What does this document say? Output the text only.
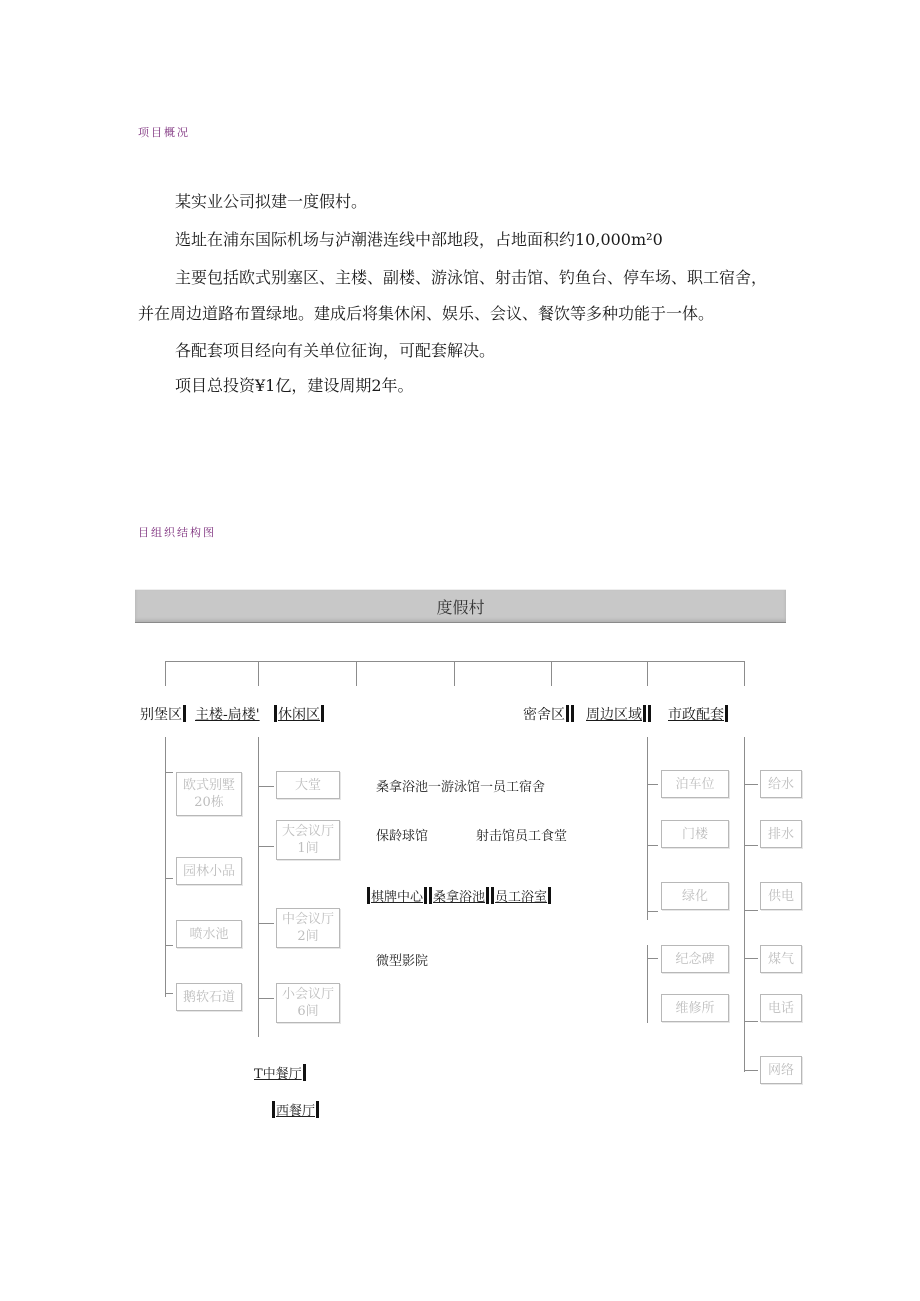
项目概况
某实业公司拟建一度假村。
选址在浦东国际机场与泸潮港连线中部地段，占地面积约10,000m²0
主要包括欧式别塞区、主楼、副楼、游泳馆、射击馆、钓鱼台、停车场、职工宿舍，
并在周边道路布置绿地。建成后将集休闲、娱乐、会议、餐饮等多种功能于一体。
各配套项目经向有关单位征询，可配套解决。
项目总投资¥1亿，建设周期2年。
目组织结构图
度假村
别堡区 主楼-扃楼'	休闲区	密舍区	周边区域	市政配套
欧式别墅
20栋
园林小品
喷水池
鹅软石道
大堂
大会议厅
1间
中会议厅
2间
小会议厅
6间
T中餐厅
西餐厅
桑拿浴池一游泳馆一员工宿舍
保龄球馆	射击馆员工食堂
棋牌中心 桑拿浴池 员工浴室
微型影院
泊车位
门楼
绿化
纪念碑
维修所
给水
排水
供电
煤气
电话
网络
